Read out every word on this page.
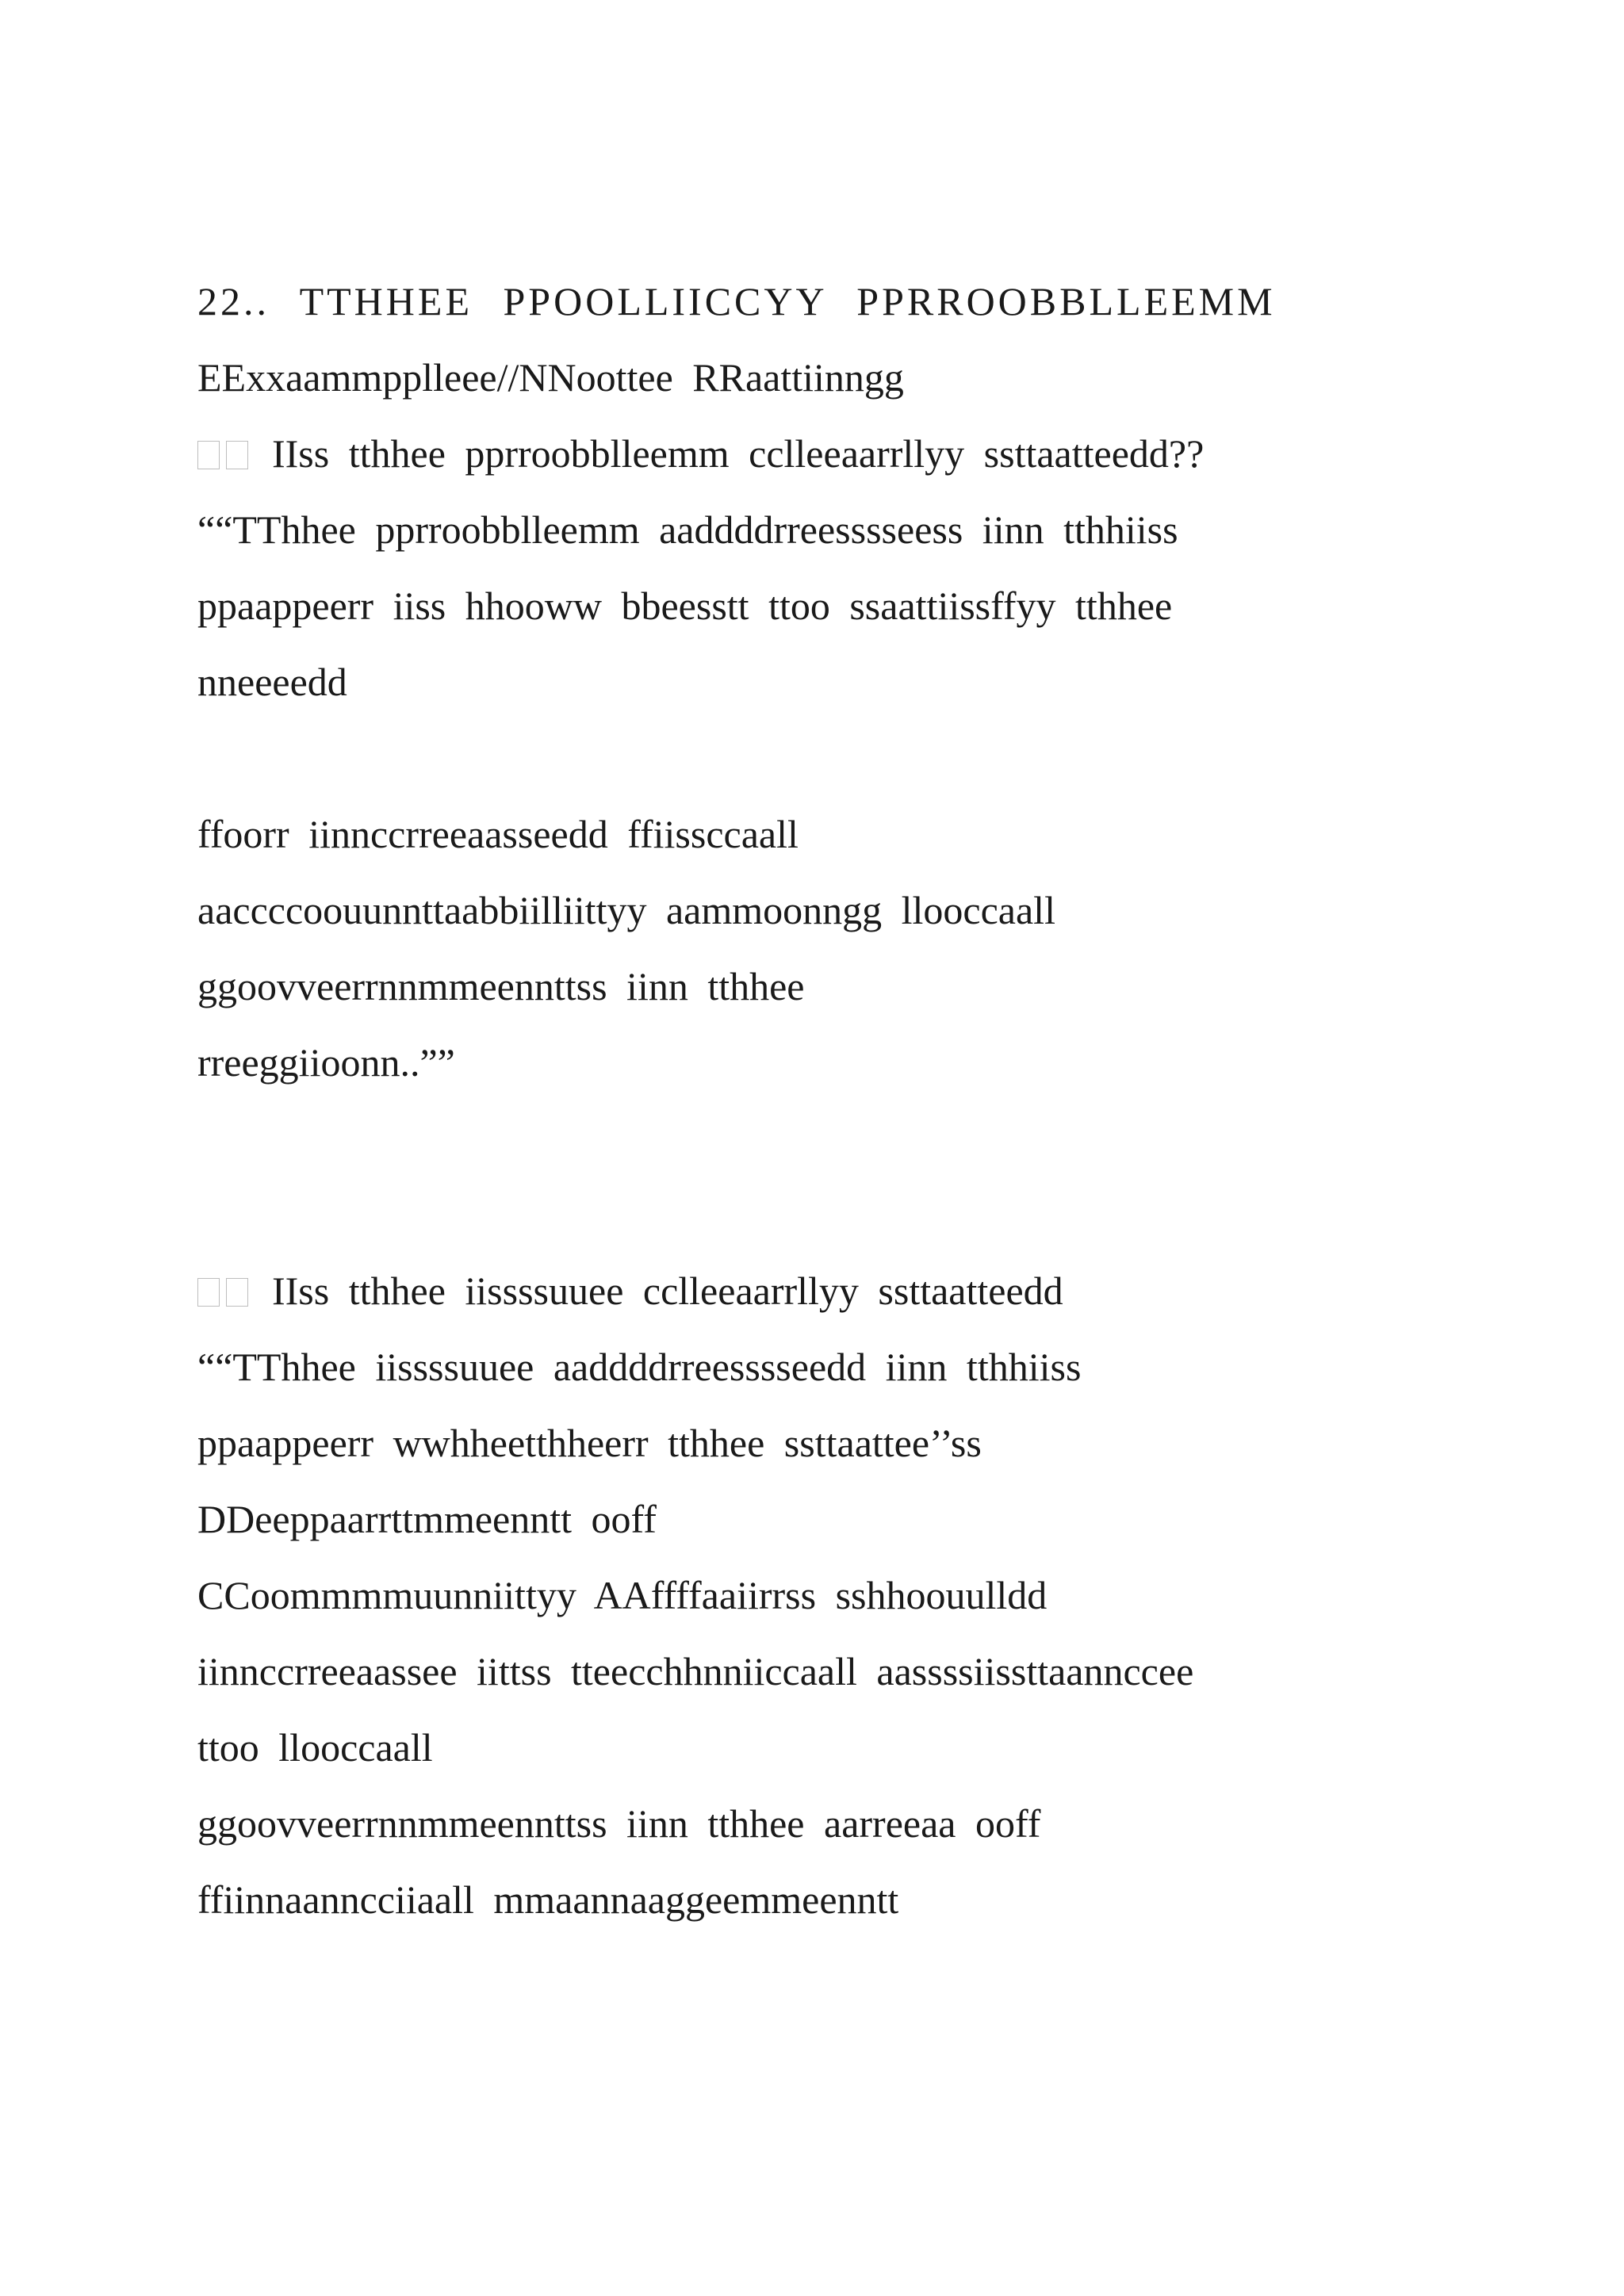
22.. TTHHEE PPOOLLIICCYY PPRROOBBLLEEMM
EExxaammpplleee//NNoottee RRaattiinngg
IIss tthhee pprroobblleemm cclleeaarrllyy ssttaatteedd??
““TThhee pprroobblleemm aaddddrreesssseess iinn tthhiiss
ppaappeerr iiss hhooww bbeesstt ttoo ssaattiissffyy tthhee
nneeeedd
ffoorr iinnccrreeaasseedd ffiissccaall
aaccccoouunnttaabbiilliittyy aammoonngg llooccaall
ggoovveerrnnmmeennttss iinn tthhee
rreeggiioonn..””
IIss tthhee iissssuuee cclleeaarrllyy ssttaatteedd
““TThhee iissssuuee aaddddrreesssseedd iinn tthhiiss
ppaappeerr wwhheetthheerr tthhee ssttaattee’’ss
DDeeppaarrttmmeenntt ooff
CCoommmmuunniittyy AAffffaaiirrss sshhoouulldd
iinnccrreeaassee iittss tteecchhnniiccaall aassssiissttaannccee
ttoo llooccaall
ggoovveerrnnmmeennttss iinn tthhee aarreeaa ooff
ffiinnaanncciiaall mmaannaaggeemmeenntt
